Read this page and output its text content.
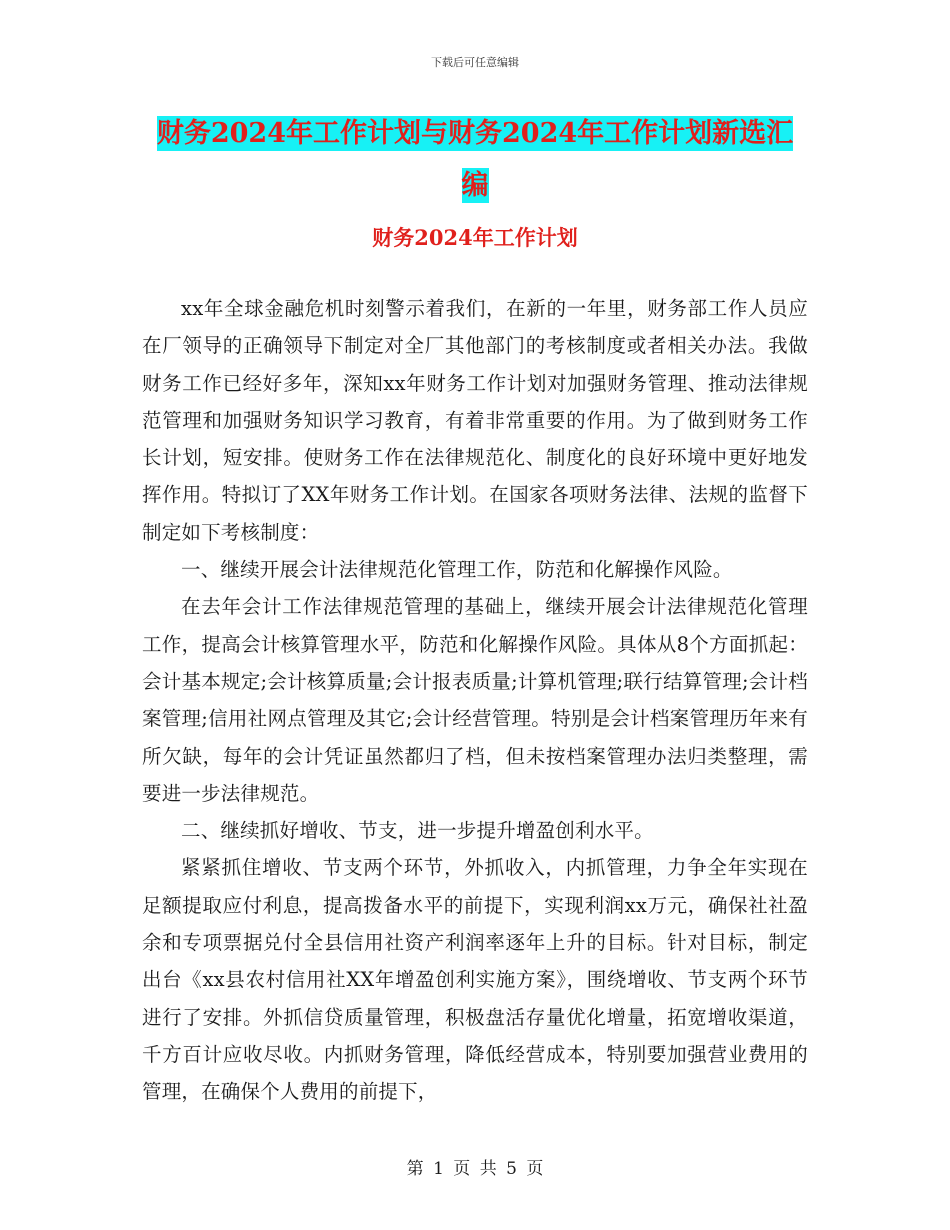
下载后可任意编辑
财务2024年工作计划与财务2024年工作计划新选汇编
财务2024年工作计划

xx年全球金融危机时刻警示着我们，在新的一年里，财务部工作人员应在厂领导的正确领导下制定对全厂其他部门的考核制度或者相关办法。我做财务工作已经好多年，深知xx年财务工作计划对加强财务管理、推动法律规范管理和加强财务知识学习教育，有着非常重要的作用。为了做到财务工作长计划，短安排。使财务工作在法律规范化、制度化的良好环境中更好地发挥作用。特拟订了XX年财务工作计划。在国家各项财务法律、法规的监督下制定如下考核制度：

一、继续开展会计法律规范化管理工作，防范和化解操作风险。

在去年会计工作法律规范管理的基础上，继续开展会计法律规范化管理工作，提高会计核算管理水平，防范和化解操作风险。具体从8个方面抓起：会计基本规定;会计核算质量;会计报表质量;计算机管理;联行结算管理;会计档案管理;信用社网点管理及其它;会计经营管理。特别是会计档案管理历年来有所欠缺，每年的会计凭证虽然都归了档，但未按档案管理办法归类整理，需要进一步法律规范。

二、继续抓好增收、节支，进一步提升增盈创利水平。

紧紧抓住增收、节支两个环节，外抓收入，内抓管理，力争全年实现在足额提取应付利息，提高拨备水平的前提下，实现利润xx万元，确保社社盈余和专项票据兑付全县信用社资产利润率逐年上升的目标。针对目标，制定出台《xx县农村信用社XX年增盈创利实施方案》，围绕增收、节支两个环节进行了安排。外抓信贷质量管理，积极盘活存量优化增量，拓宽增收渠道，千方百计应收尽收。内抓财务管理，降低经营成本，特别要加强营业费用的管理，在确保个人费用的前提下，

第 1 页 共 5 页
